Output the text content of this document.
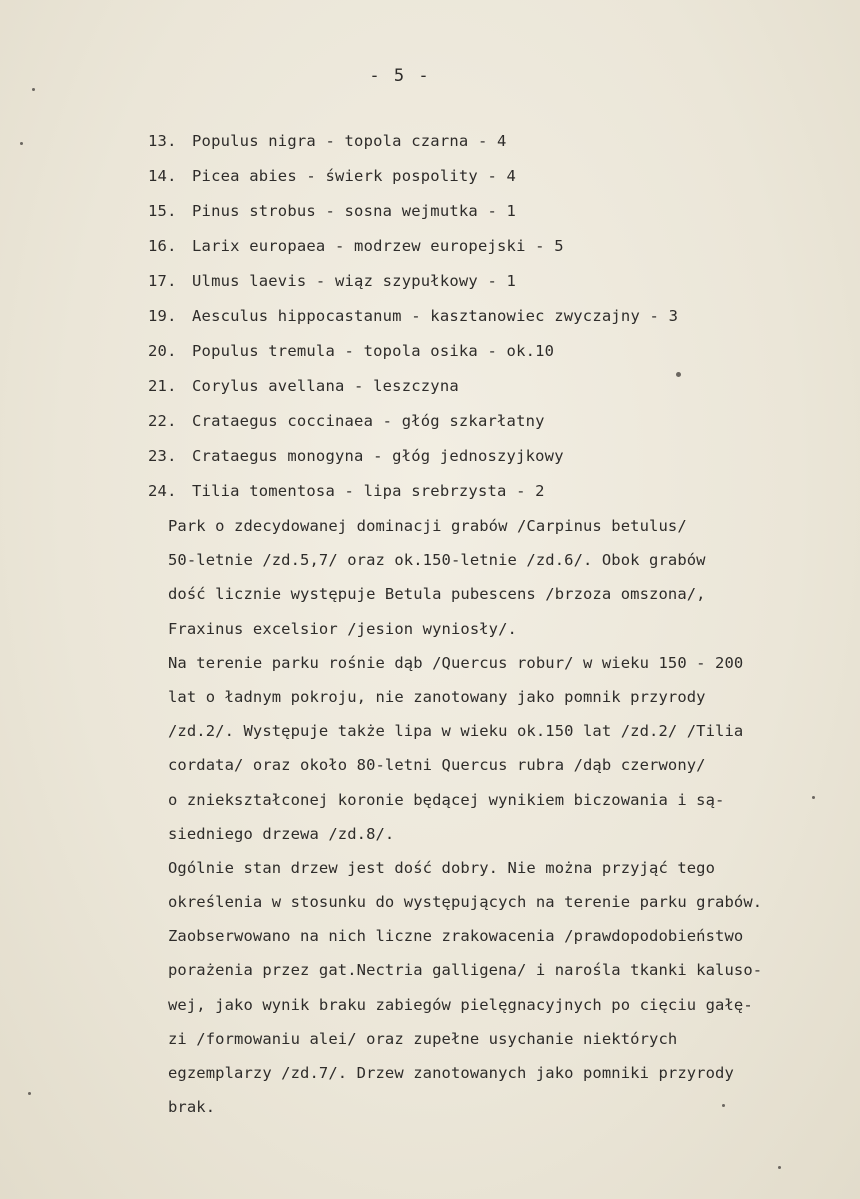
- 5 -
13. Populus nigra - topola czarna - 4
14. Picea abies - świerk pospolity - 4
15. Pinus strobus - sosna wejmutka - 1
16. Larix europaea - modrzew europejski - 5
17. Ulmus laevis - wiąz szypułkowy - 1
19. Aesculus hippocastanum - kasztanowiec zwyczajny - 3
20. Populus tremula - topola osika - ok.10
21. Corylus avellana - leszczyna
22. Crataegus coccinaea - głóg szkarłatny
23. Crataegus monogyna - głóg jednoszyjkowy
24. Tilia tomentosa - lipa srebrzysta - 2
Park o zdecydowanej dominacji grabów /Carpinus betulus/
50-letnie /zd.5,7/ oraz ok.150-letnie /zd.6/. Obok grabów
dość licznie występuje Betula pubescens /brzoza omszona/,
Fraxinus excelsior /jesion wyniosły/.
Na terenie parku rośnie dąb /Quercus robur/ w wieku 150 - 200
lat o ładnym pokroju, nie zanotowany jako pomnik przyrody
/zd.2/. Występuje także lipa w wieku ok.150 lat /zd.2/ /Tilia
cordata/ oraz około 80-letni Quercus rubra /dąb czerwony/
o zniekształconej koronie będącej wynikiem biczowania i są-
siedniego drzewa /zd.8/.
Ogólnie stan drzew jest dość dobry. Nie można przyjąć tego
określenia w stosunku do występujących na terenie parku grabów.
Zaobserwowano na nich liczne zrakowacenia /prawdopodobieństwo
porażenia przez gat.Nectria galligena/ i narośla tkanki kaluso-
wej, jako wynik braku zabiegów pielęgnacyjnych po cięciu gałę-
zi /formowaniu alei/ oraz zupełne usychanie niektórych
egzemplarzy /zd.7/. Drzew zanotowanych jako pomniki przyrody
brak.
